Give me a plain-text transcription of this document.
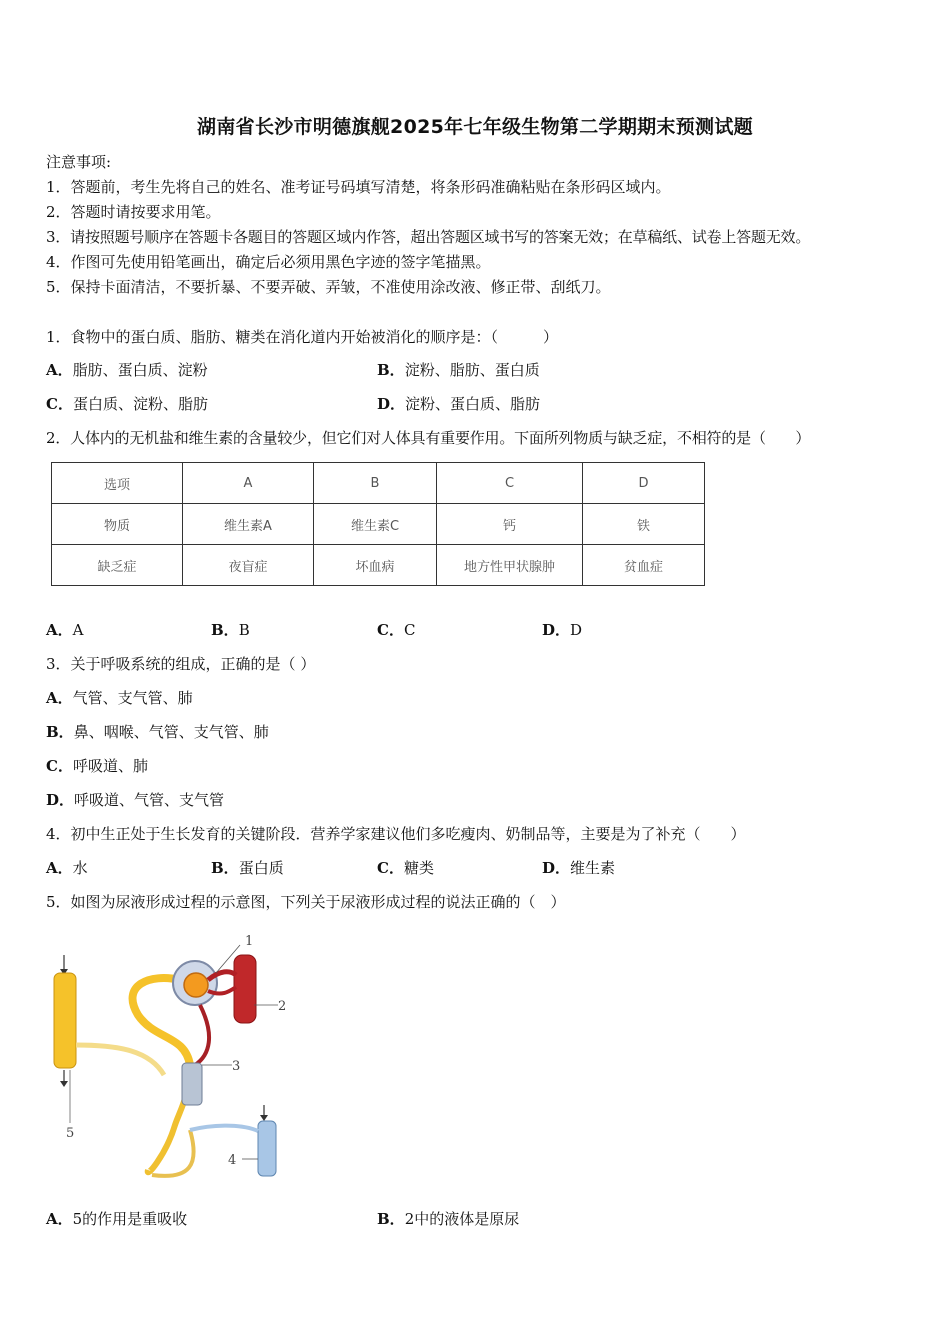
湖南省长沙市明德旗舰2025年七年级生物第二学期期末预测试题
注意事项:
1．答题前，考生先将自己的姓名、准考证号码填写清楚，将条形码准确粘贴在条形码区域内。
2．答题时请按要求用笔。
3．请按照题号顺序在答题卡各题目的答题区域内作答，超出答题区域书写的答案无效；在草稿纸、试卷上答题无效。
4．作图可先使用铅笔画出，确定后必须用黑色字迹的签字笔描黑。
5．保持卡面清洁，不要折暴、不要弄破、弄皱，不准使用涂改液、修正带、刮纸刀。
1．食物中的蛋白质、脂肪、糖类在消化道内开始被消化的顺序是：（　　　）
A．脂肪、蛋白质、淀粉	B．淀粉、脂肪、蛋白质
C．蛋白质、淀粉、脂肪	D．淀粉、蛋白质、脂肪
2．人体内的无机盐和维生素的含量较少，但它们对人体具有重要作用。下面所列物质与缺乏症，不相符的是（　　）
选项	A	B	C	D
物质	维生素A	维生素C	钙	铁
缺乏症	夜盲症	坏血病	地方性甲状腺肿	贫血症
A．A	B．B	C．C	D．D
3．关于呼吸系统的组成，正确的是（ ）
A．气管、支气管、肺
B．鼻、咽喉、气管、支气管、肺
C．呼吸道、肺
D．呼吸道、气管、支气管
4．初中生正处于生长发育的关键阶段．营养学家建议他们多吃瘦肉、奶制品等，主要是为了补充（　　）
A．水	B．蛋白质	C．糖类	D．维生素
5．如图为尿液形成过程的示意图，下列关于尿液形成过程的说法正确的（　）
5
1
2
3
4
A．5的作用是重吸收	B．2中的液体是原尿
